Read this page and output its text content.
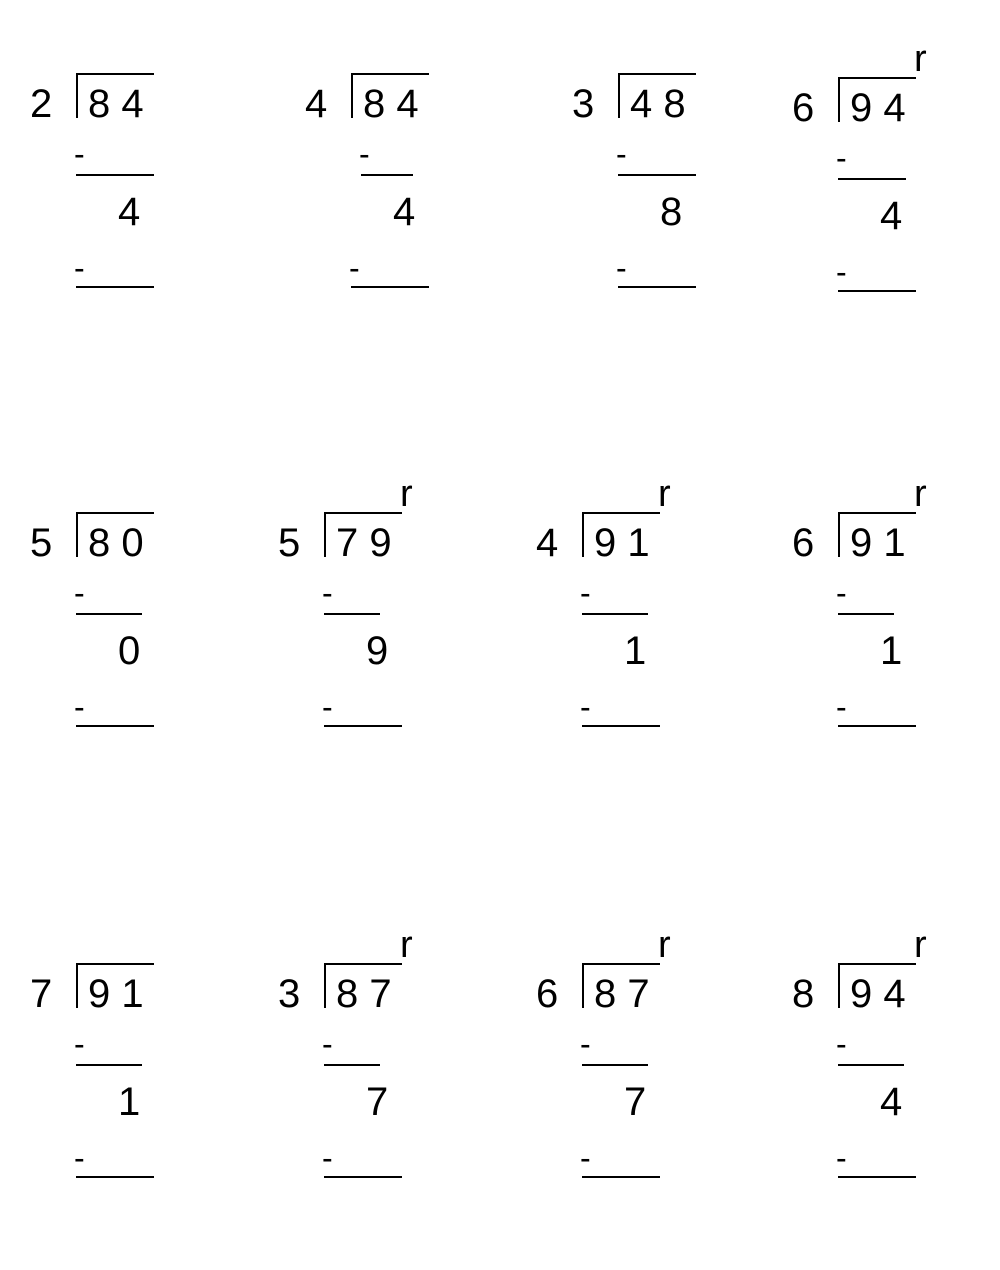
2 8 4
-
4
-
4 8 4
-
4
-
3 4 8
-
8
-
6 9 4
r
-
4
-
5 8 0
-
0
-
5 7 9
r
-
9
-
4 9 1
r
-
1
-
6 9 1
r
-
1
-
7 9 1
-
1
-
3 8 7
r
-
7
-
6 8 7
r
-
7
-
8 9 4
r
-
4
-
